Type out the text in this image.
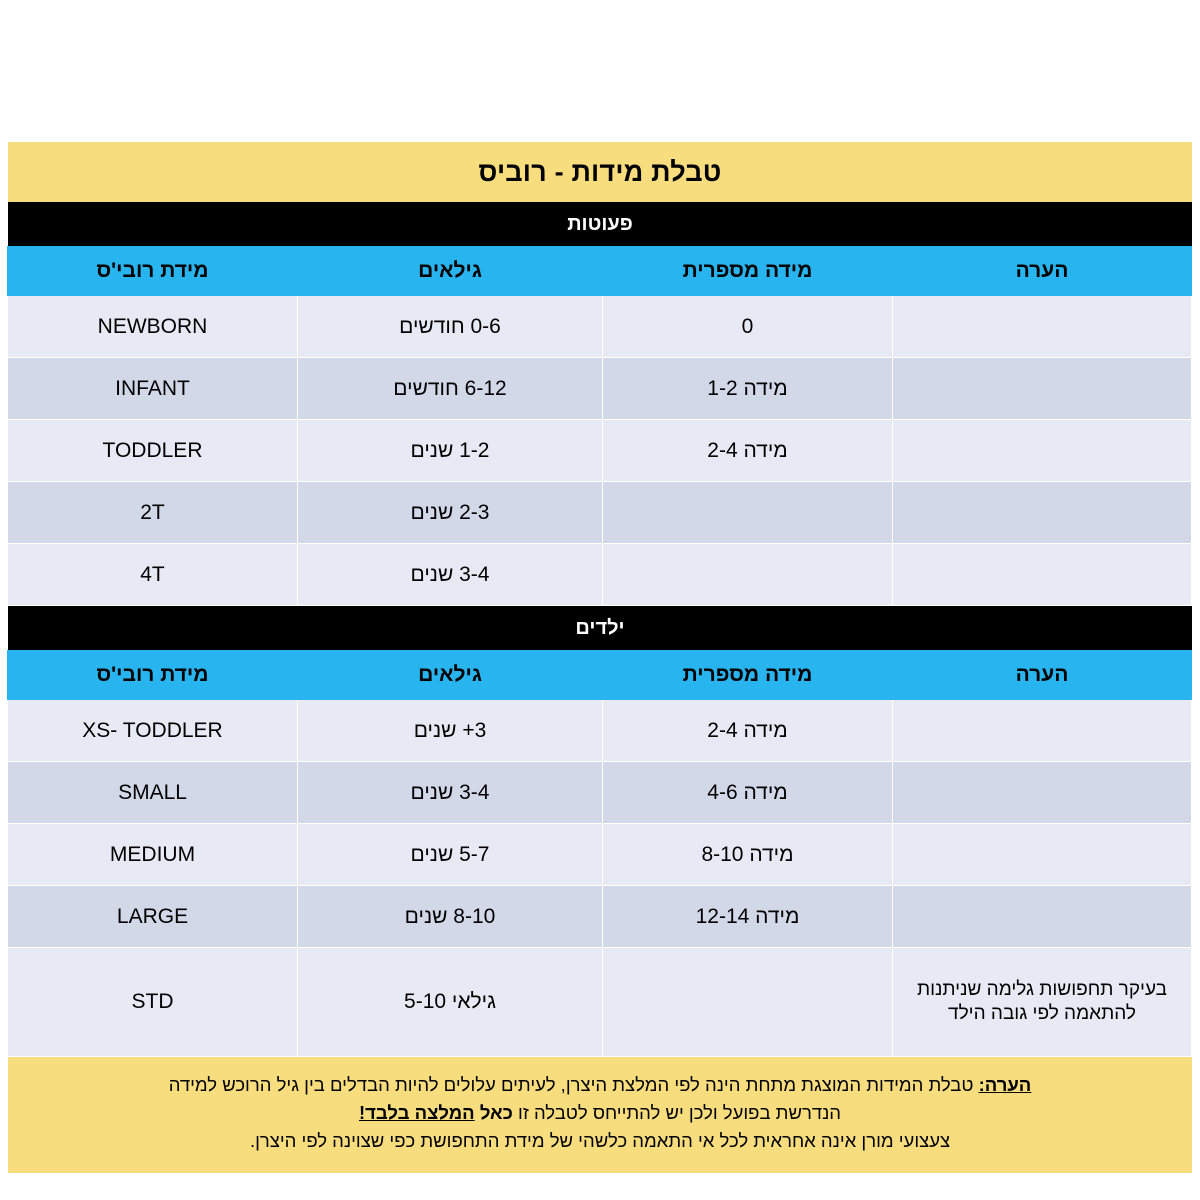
טבלת מידות - רוביס
פעוטות
הערה	מידה מספרית	גילאים	מידת רובי'ס
	0	0-6 חודשים	NEWBORN
	מידה 1-2	6-12 חודשים	INFANT
	מידה 2-4	1-2 שנים	TODDLER
		2-3 שנים	2T
		3-4 שנים	4T
ילדים
הערה	מידה מספרית	גילאים	מידת רובי'ס
	מידה 2-4	3+ שנים	XS- TODDLER
	מידה 4-6	3-4 שנים	SMALL
	מידה 8-10	5-7 שנים	MEDIUM
	מידה 12-14	8-10 שנים	LARGE
בעיקר תחפושות גלימה שניתנות להתאמה לפי גובה הילד		גילאי 5-10	STD

הערה: טבלת המידות המוצגת מתחת הינה לפי המלצת היצרן, לעיתים עלולים להיות הבדלים בין גיל הרוכש למידה

הנדרשת בפועל ולכן יש להתייחס לטבלה זו כאל המלצה בלבד!

צעצועי מורן אינה אחראית לכל אי התאמה כלשהי של מידת התחפושת כפי שצוינה לפי היצרן.
